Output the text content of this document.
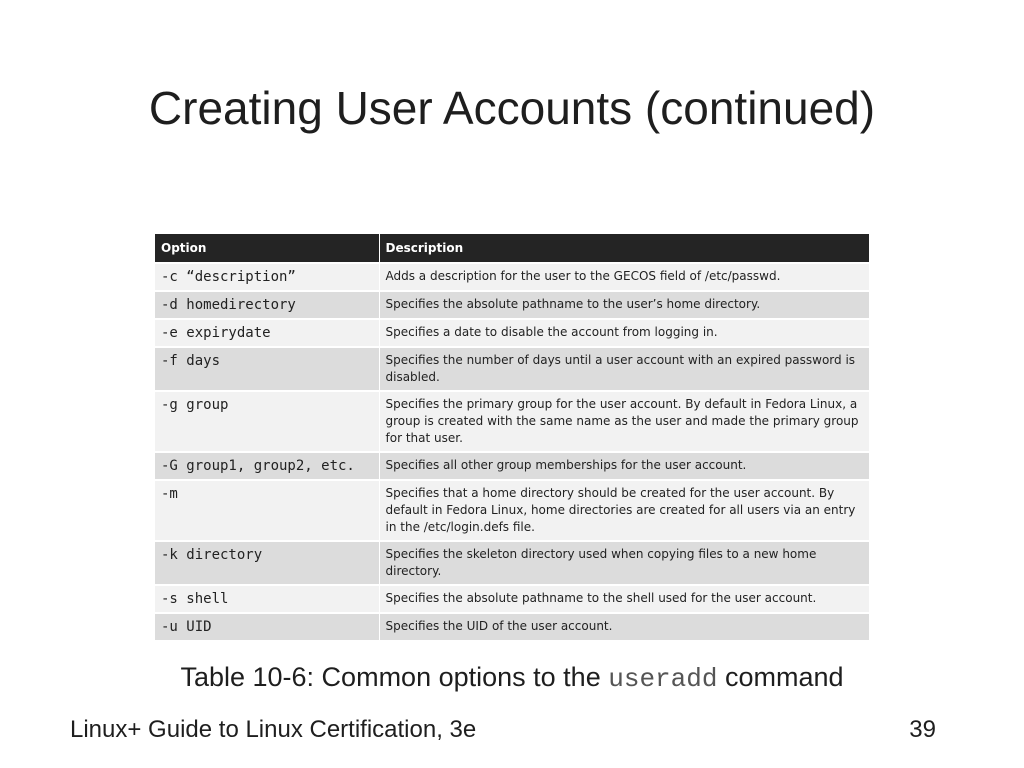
Creating User Accounts (continued)
Option	Description
-c “description”	Adds a description for the user to the GECOS field of /etc/passwd.
-d homedirectory	Specifies the absolute pathname to the user’s home directory.
-e expirydate	Specifies a date to disable the account from logging in.
-f days	Specifies the number of days until a user account with an expired password is disabled.
-g group	Specifies the primary group for the user account. By default in Fedora Linux, a group is created with the same name as the user and made the primary group for that user.
-G group1, group2, etc.	Specifies all other group memberships for the user account.
-m	Specifies that a home directory should be created for the user account. By default in Fedora Linux, home directories are created for all users via an entry in the /etc/login.defs file.
-k directory	Specifies the skeleton directory used when copying files to a new home directory.
-s shell	Specifies the absolute pathname to the shell used for the user account.
-u UID	Specifies the UID of the user account.

Table 10-6: Common options to the useradd command

Linux+ Guide to Linux Certification, 3e	39
